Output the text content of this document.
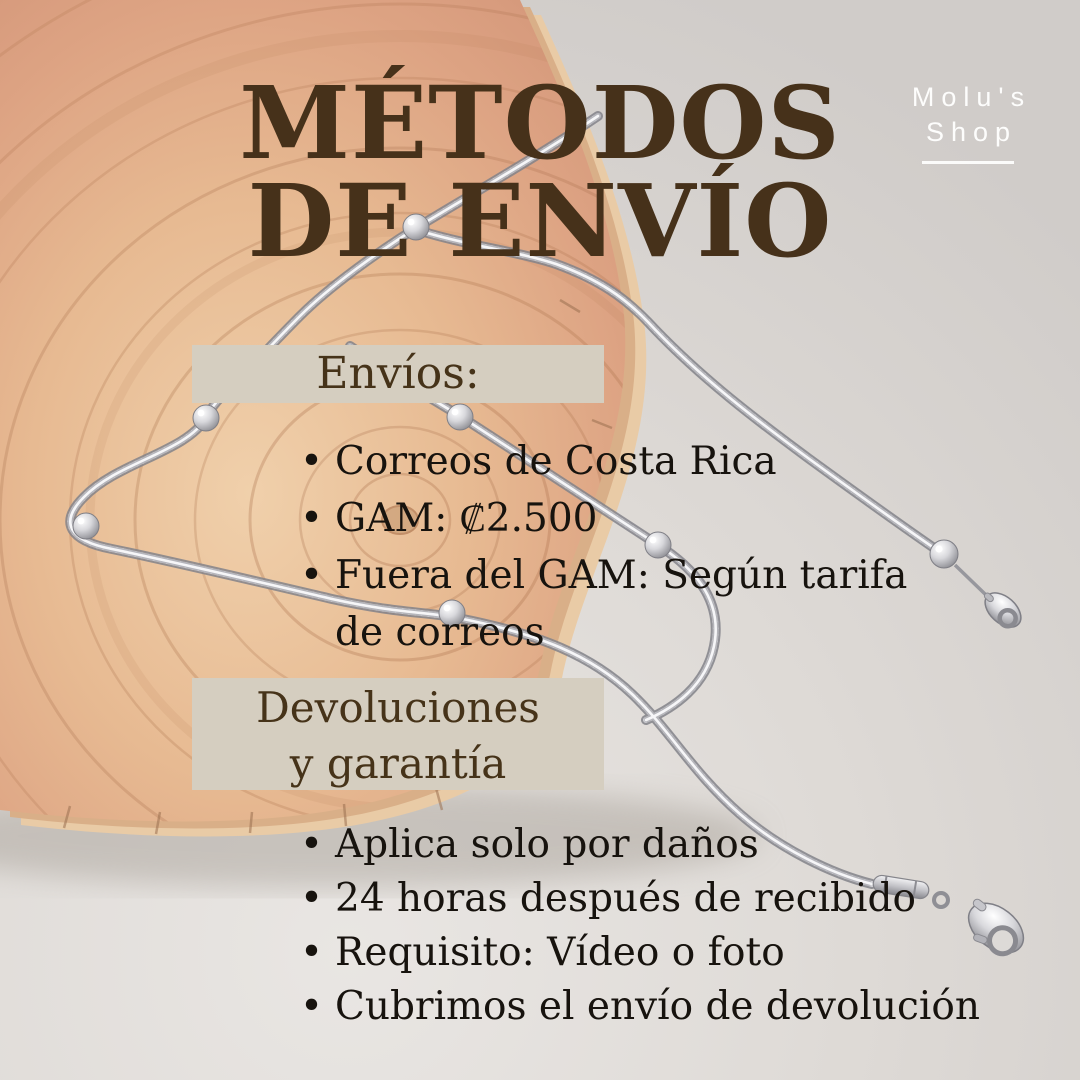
MÉTODOS
DE ENVÍO
Molu's
Shop
Envíos:
• Correos de Costa Rica
• GAM: ₡2.500
• Fuera del GAM: Según tarifa de correos
Devoluciones
y garantía
• Aplica solo por daños
• 24 horas después de recibido
• Requisito: Vídeo o foto
• Cubrimos el envío de devolución
